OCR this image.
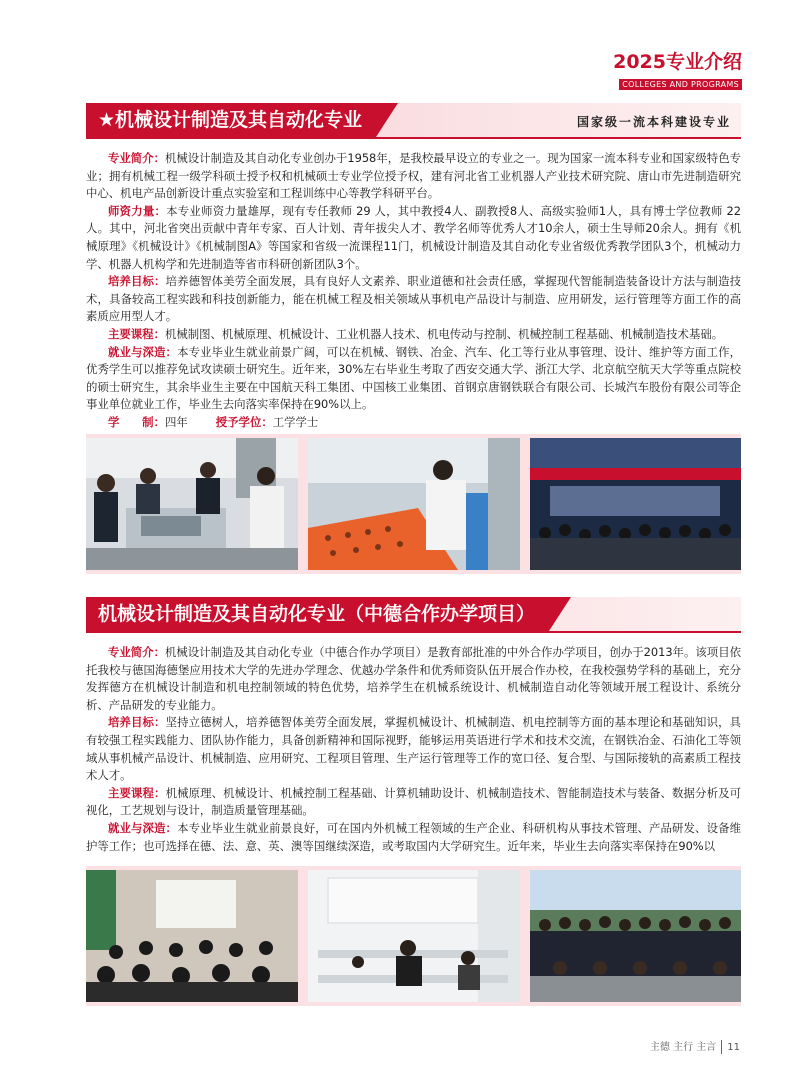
2025专业介绍
COLLEGES AND PROGRAMS
★机械设计制造及其自动化专业	国家级一流本科建设专业

专业简介：机械设计制造及其自动化专业创办于1958年，是我校最早设立的专业之一。现为国家一流本科专业和国家级特色专业；拥有机械工程一级学科硕士授予权和机械硕士专业学位授予权，建有河北省工业机器人产业技术研究院、唐山市先进制造研究中心、机电产品创新设计重点实验室和工程训练中心等教学科研平台。

师资力量：本专业师资力量雄厚，现有专任教师 29 人，其中教授4人、副教授8人、高级实验师1人，具有博士学位教师 22人。其中，河北省突出贡献中青年专家、百人计划、青年拔尖人才、教学名师等优秀人才10余人，硕士生导师20余人。拥有《机械原理》《机械设计》《机械制图A》等国家和省级一流课程11门，机械设计制造及其自动化专业省级优秀教学团队3个，机械动力学、机器人机构学和先进制造等省市科研创新团队3个。

培养目标：培养德智体美劳全面发展，具有良好人文素养、职业道德和社会责任感，掌握现代智能制造装备设计方法与制造技术，具备较高工程实践和科技创新能力，能在机械工程及相关领域从事机电产品设计与制造、应用研发，运行管理等方面工作的高素质应用型人才。

主要课程：机械制图、机械原理、机械设计、工业机器人技术、机电传动与控制、机械控制工程基础、机械制造技术基础。

就业与深造：本专业毕业生就业前景广阔，可以在机械、钢铁、冶金、汽车、化工等行业从事管理、设计、维护等方面工作，优秀学生可以推荐免试攻读硕士研究生。近年来，30%左右毕业生考取了西安交通大学、浙江大学、北京航空航天大学等重点院校的硕士研究生，其余毕业生主要在中国航天科工集团、中国核工业集团、首钢京唐钢铁联合有限公司、长城汽车股份有限公司等企事业单位就业工作，毕业生去向落实率保持在90%以上。

学　　制：四年 授予学位：工学学士

机械设计制造及其自动化专业（中德合作办学项目）

专业简介：机械设计制造及其自动化专业（中德合作办学项目）是教育部批准的中外合作办学项目，创办于2013年。该项目依托我校与德国海德堡应用技术大学的先进办学理念、优越办学条件和优秀师资队伍开展合作办校，在我校强势学科的基础上，充分发挥德方在机械设计制造和机电控制领域的特色优势，培养学生在机械系统设计、机械制造自动化等领域开展工程设计、系统分析、产品研发的专业能力。

培养目标：坚持立德树人，培养德智体美劳全面发展，掌握机械设计、机械制造、机电控制等方面的基本理论和基础知识，具有较强工程实践能力、团队协作能力，具备创新精神和国际视野，能够运用英语进行学术和技术交流，在钢铁冶金、石油化工等领域从事机械产品设计、机械制造、应用研究、工程项目管理、生产运行管理等工作的宽口径、复合型、与国际接轨的高素质工程技术人才。

主要课程：机械原理、机械设计、机械控制工程基础、计算机辅助设计、机械制造技术、智能制造技术与装备、数据分析及可视化，工艺规划与设计，制造质量管理基础。

就业与深造：本专业毕业生就业前景良好，可在国内外机械工程领域的生产企业、科研机构从事技术管理、产品研发、设备维护等工作；也可选择在德、法、意、英、澳等国继续深造，或考取国内大学研究生。近年来，毕业生去向落实率保持在90%以

主德 主行 主言 11
